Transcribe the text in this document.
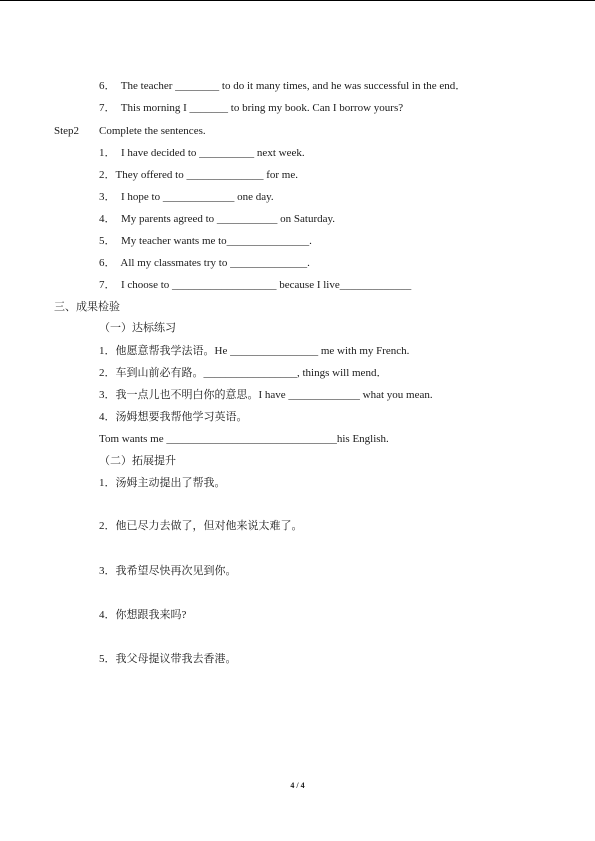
6．  The teacher ________ to do it many times, and he was successful in the end．
7．  This morning I _______ to bring my book. Can I borrow yours?
Step2 Complete the sentences.
1．  I have decided to __________ next week.
2．They offered to ______________ for me.
3．  I hope to _____________ one day.
4．  My parents agreed to ___________ on Saturday.
5．  My teacher wants me to_______________.
6．  All my classmates try to ______________.
7．  I choose to ___________________ because I live_____________
三、成果检验
（一）达标练习
1．他愿意帮我学法语。He ________________ me with my French.
2．车到山前必有路。_________________, things will mend．
3．我一点儿也不明白你的意思。I have _____________ what you mean.
4．汤姆想要我帮他学习英语。
Tom wants me _______________________________his English.
（二）拓展提升
1．汤姆主动提出了帮我。
2．他已尽力去做了，但对他来说太难了。
3．我希望尽快再次见到你。
4．你想跟我来吗?
5．我父母提议带我去香港。
4 / 4
